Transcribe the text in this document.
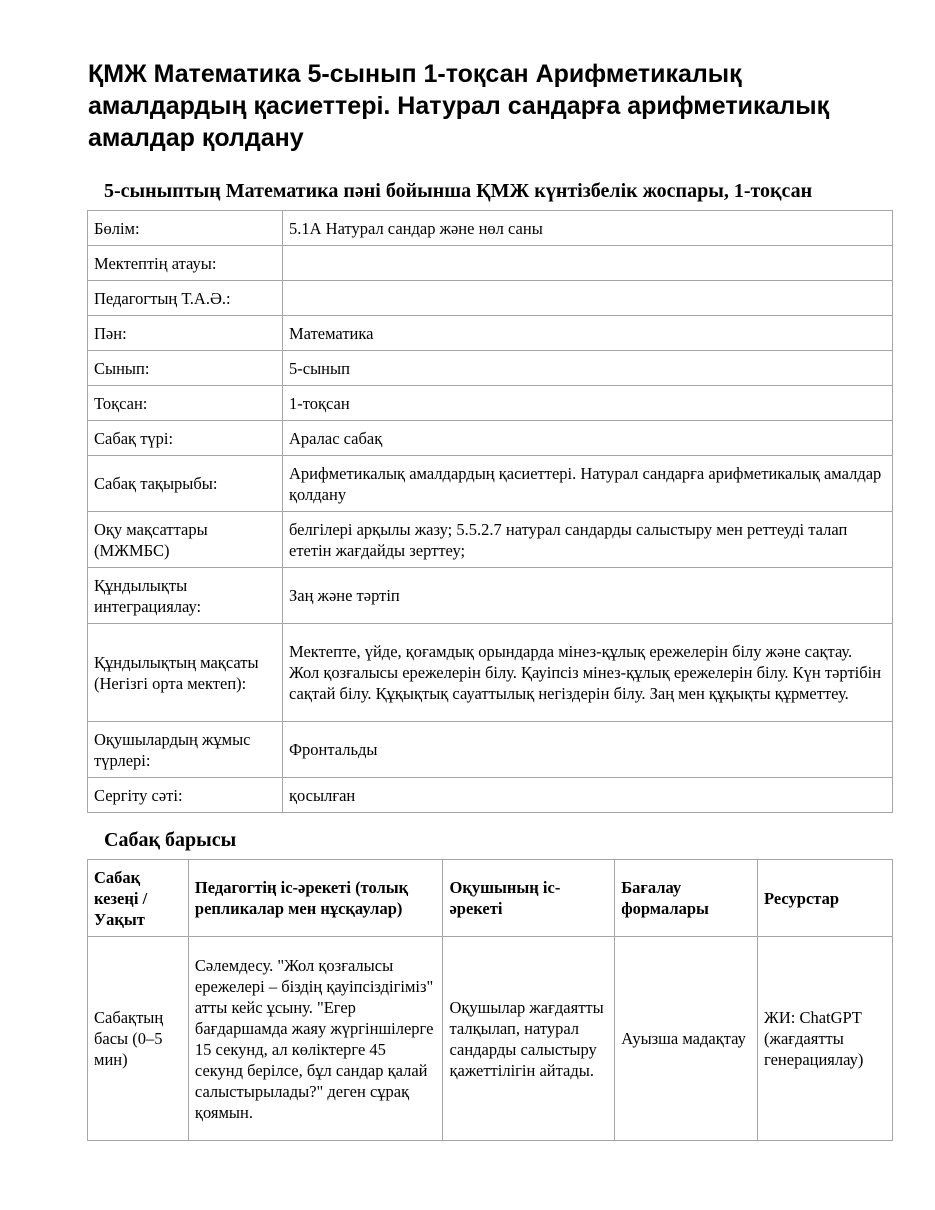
ҚМЖ Математика 5-сынып 1-тоқсан Арифметикалық амалдардың қасиеттері. Натурал сандарға арифметикалық амалдар қолдану
5-сыныптың Математика пәні бойынша ҚМЖ күнтізбелік жоспары, 1-тоқсан
Бөлім:	5.1А Натурал сандар және нөл саны
Мектептің атауы:	
Педагогтың Т.А.Ә.:	
Пән:	Математика
Сынып:	5-сынып
Тоқсан:	1-тоқсан
Сабақ түрі:	Аралас сабақ
Сабақ тақырыбы:	Арифметикалық амалдардың қасиеттері. Натурал сандарға арифметикалық амалдар қолдану
Оқу мақсаттары (МЖМБС)	белгілері арқылы жазу; 5.5.2.7 натурал сандарды салыстыру мен реттеуді талап ететін жағдайды зерттеу;
Құндылықты интеграциялау:	Заң және тәртіп
Құндылықтың мақсаты (Негізгі орта мектеп):	Мектепте, үйде, қоғамдық орындарда мінез-құлық ережелерін білу және сақтау. Жол қозғалысы ережелерін білу. Қауіпсіз мінез-құлық ережелерін білу. Күн тәртібін сақтай білу. Құқықтық сауаттылық негіздерін білу. Заң мен құқықты құрметтеу.
Оқушылардың жұмыс түрлері:	Фронтальды
Сергіту сәті:	қосылған
Сабақ барысы
Сабақ кезеңі / Уақыт	Педагогтің іс-әрекеті (толық репликалар мен нұсқаулар)	Оқушының іс-әрекеті	Бағалау формалары	Ресурстар
Сабақтың басы (0–5 мин)	Сәлемдесу. "Жол қозғалысы ережелері – біздің қауіпсіздігіміз" атты кейс ұсыну. "Егер бағдаршамда жаяу жүргіншілерге 15 секунд, ал көліктерге 45 секунд берілсе, бұл сандар қалай салыстырылады?" деген сұрақ қоямын.	Оқушылар жағдаятты талқылап, натурал сандарды салыстыру қажеттілігін айтады.	Ауызша мадақтау	ЖИ: ChatGPT (жағдаятты генерациялау)
